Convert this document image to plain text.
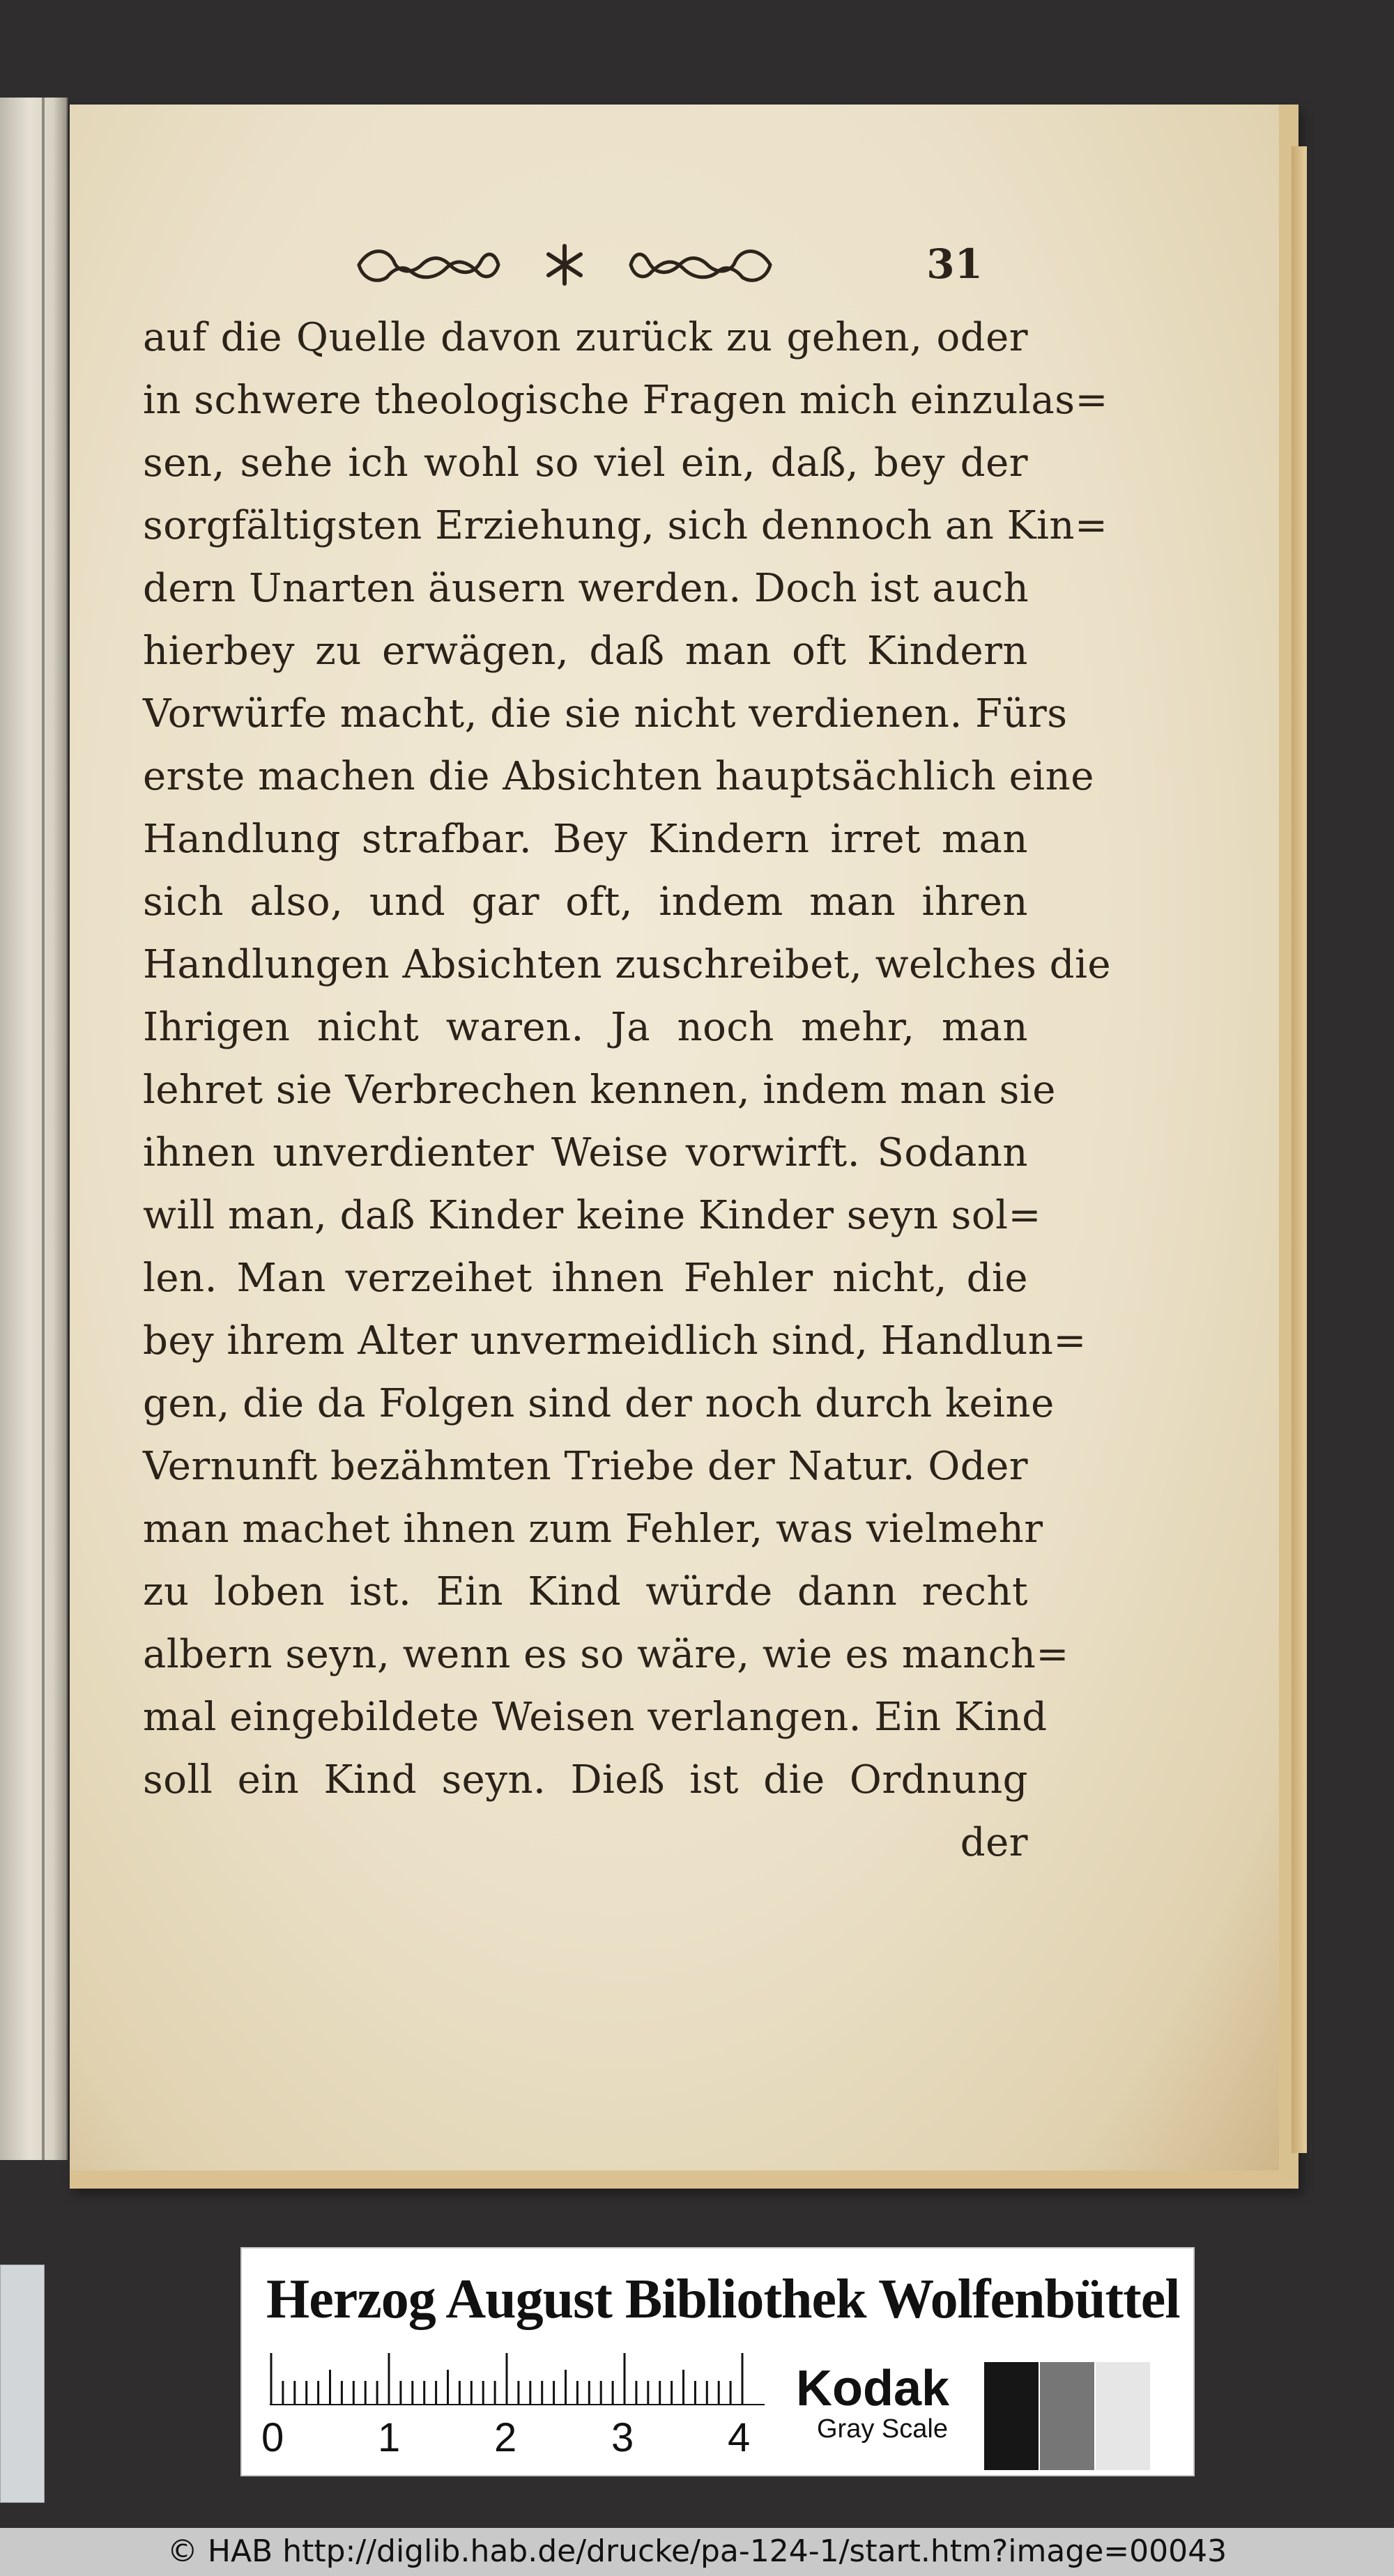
31
auf die Quelle davon zurück zu gehen, oder
in schwere theologische Fragen mich einzulas=
sen, sehe ich wohl so viel ein, daß, bey der
sorgfältigsten Erziehung, sich dennoch an Kin=
dern Unarten äusern werden. Doch ist auch
hierbey zu erwägen, daß man oft Kindern
Vorwürfe macht, die sie nicht verdienen. Fürs
erste machen die Absichten hauptsächlich eine
Handlung strafbar. Bey Kindern irret man
sich also, und gar oft, indem man ihren
Handlungen Absichten zuschreibet, welches die
Ihrigen nicht waren. Ja noch mehr, man
lehret sie Verbrechen kennen, indem man sie
ihnen unverdienter Weise vorwirft. Sodann
will man, daß Kinder keine Kinder seyn sol=
len. Man verzeihet ihnen Fehler nicht, die
bey ihrem Alter unvermeidlich sind, Handlun=
gen, die da Folgen sind der noch durch keine
Vernunft bezähmten Triebe der Natur. Oder
man machet ihnen zum Fehler, was vielmehr
zu loben ist. Ein Kind würde dann recht
albern seyn, wenn es so wäre, wie es manch=
mal eingebildete Weisen verlangen. Ein Kind
soll ein Kind seyn. Dieß ist die Ordnung
der
Herzog August Bibliothek Wolfenbüttel
0 1 2 3 4
Kodak
Gray Scale
© HAB http://diglib.hab.de/drucke/pa-124-1/start.htm?image=00043
